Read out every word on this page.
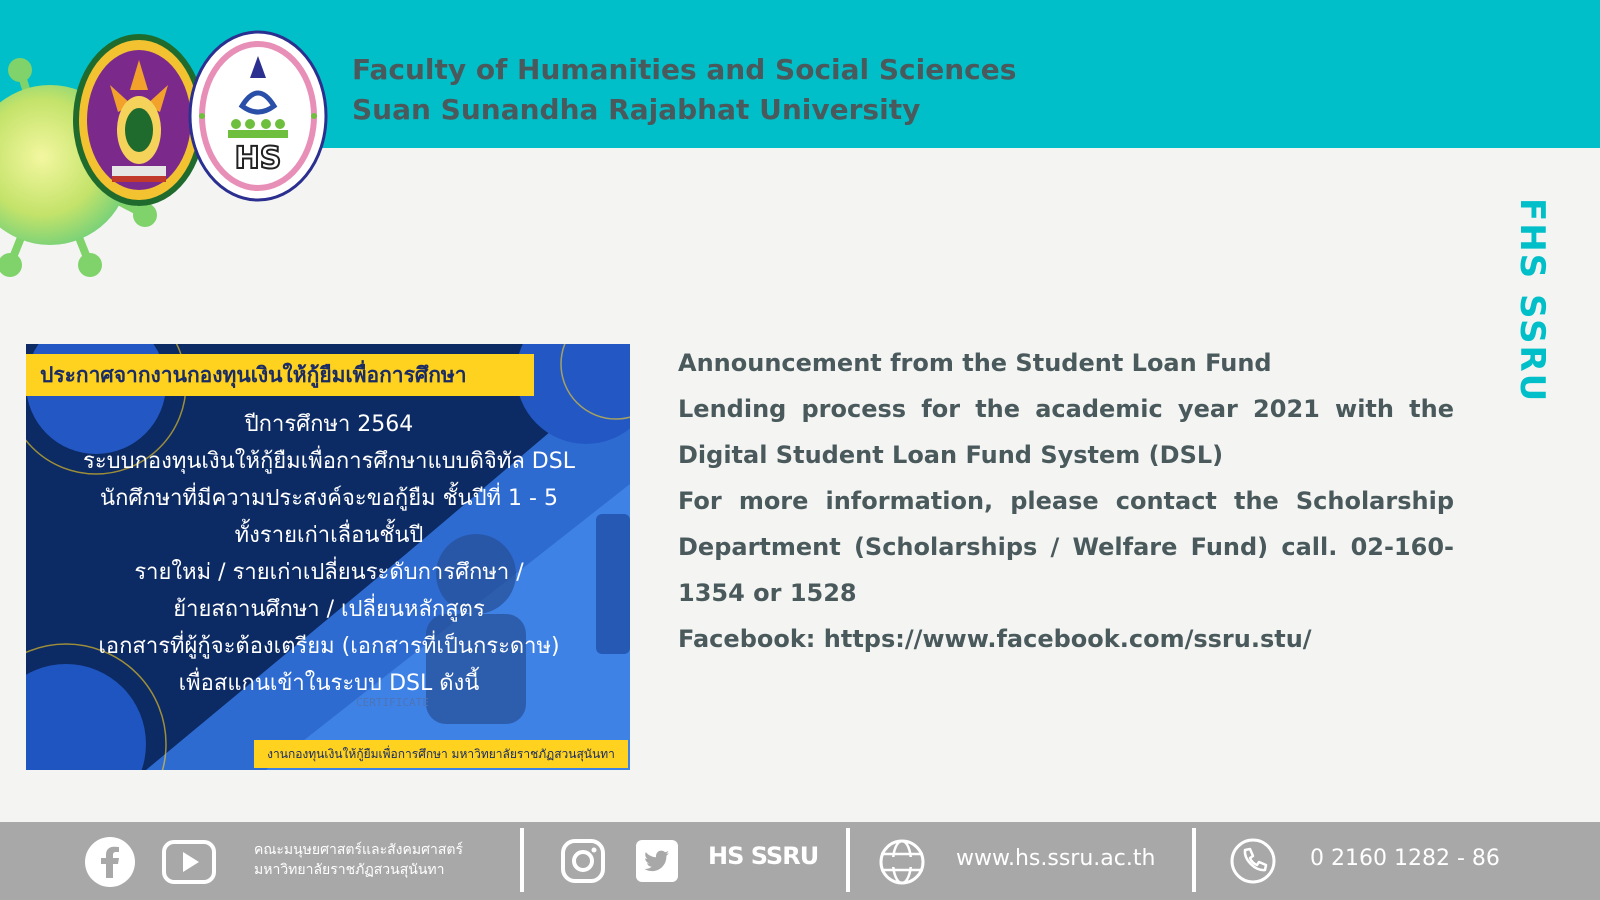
Faculty of Humanities and Social Sciences
Suan Sunandha Rajabhat University
HS
FHS SSRU
ประกาศจากงานกองทุนเงินให้กู้ยืมเพื่อการศึกษา
ปีการศึกษา 2564
ระบบกองทุนเงินให้กู้ยืมเพื่อการศึกษาแบบดิจิทัล DSL
นักศึกษาที่มีความประสงค์จะขอกู้ยืม ชั้นปีที่ 1 - 5
ทั้งรายเก่าเลื่อนชั้นปี
รายใหม่ / รายเก่าเปลี่ยนระดับการศึกษา /
ย้ายสถานศึกษา / เปลี่ยนหลักสูตร
เอกสารที่ผู้กู้จะต้องเตรียม (เอกสารที่เป็นกระดาษ)
เพื่อสแกนเข้าในระบบ DSL ดังนี้
CERTIFICATE
งานกองทุนเงินให้กู้ยืมเพื่อการศึกษา มหาวิทยาลัยราชภัฏสวนสุนันทา

Announcement from the Student Loan Fund

Lending process for the academic year 2021 with the Digital Student Loan Fund System (DSL)

For more information, please contact the Scholarship Department (Scholarships / Welfare Fund) call. 02-160-1354 or 1528

Facebook: https://www.facebook.com/ssru.stu/

คณะมนุษยศาสตร์และสังคมศาสตร์
มหาวิทยาลัยราชภัฏสวนสุนันทา	HS SSRU	www.hs.ssru.ac.th	0 2160 1282 - 86
